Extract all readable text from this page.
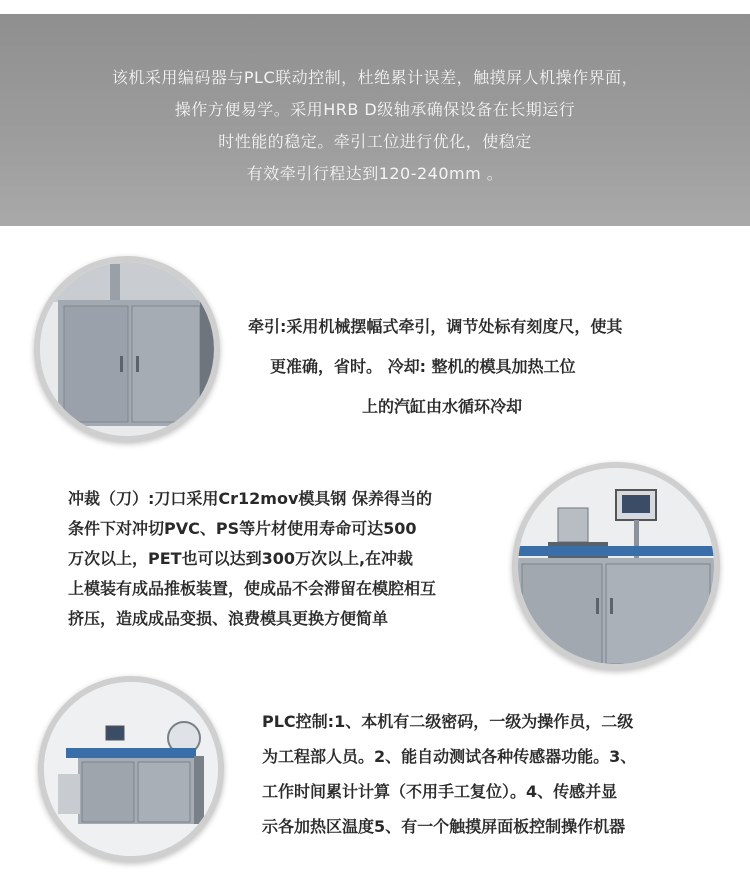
该机采用编码器与PLC联动控制，杜绝累计误差，触摸屏人机操作界面，
操作方便易学。采用HRB D级轴承确保设备在长期运行
时性能的稳定。牵引工位进行优化，使稳定
有效牵引行程达到120-240mm 。
牵引:采用机械摆幅式牵引，调节处标有刻度尺，使其
更准确，省时。 冷却: 整机的模具加热工位
上的汽缸由水循环冷却
冲裁（刀）:刀口采用Cr12mov模具钢 保养得当的
条件下对冲切PVC、PS等片材使用寿命可达500
万次以上，PET也可以达到300万次以上,在冲裁
上模装有成品推板装置，使成品不会滞留在模腔相互
挤压，造成成品变损、浪费模具更换方便简单
PLC控制:1、本机有二级密码，一级为操作员，二级
为工程部人员。2、能自动测试各种传感器功能。3、
工作时间累计计算（不用手工复位）。4、传感并显
示各加热区温度5、有一个触摸屏面板控制操作机器
